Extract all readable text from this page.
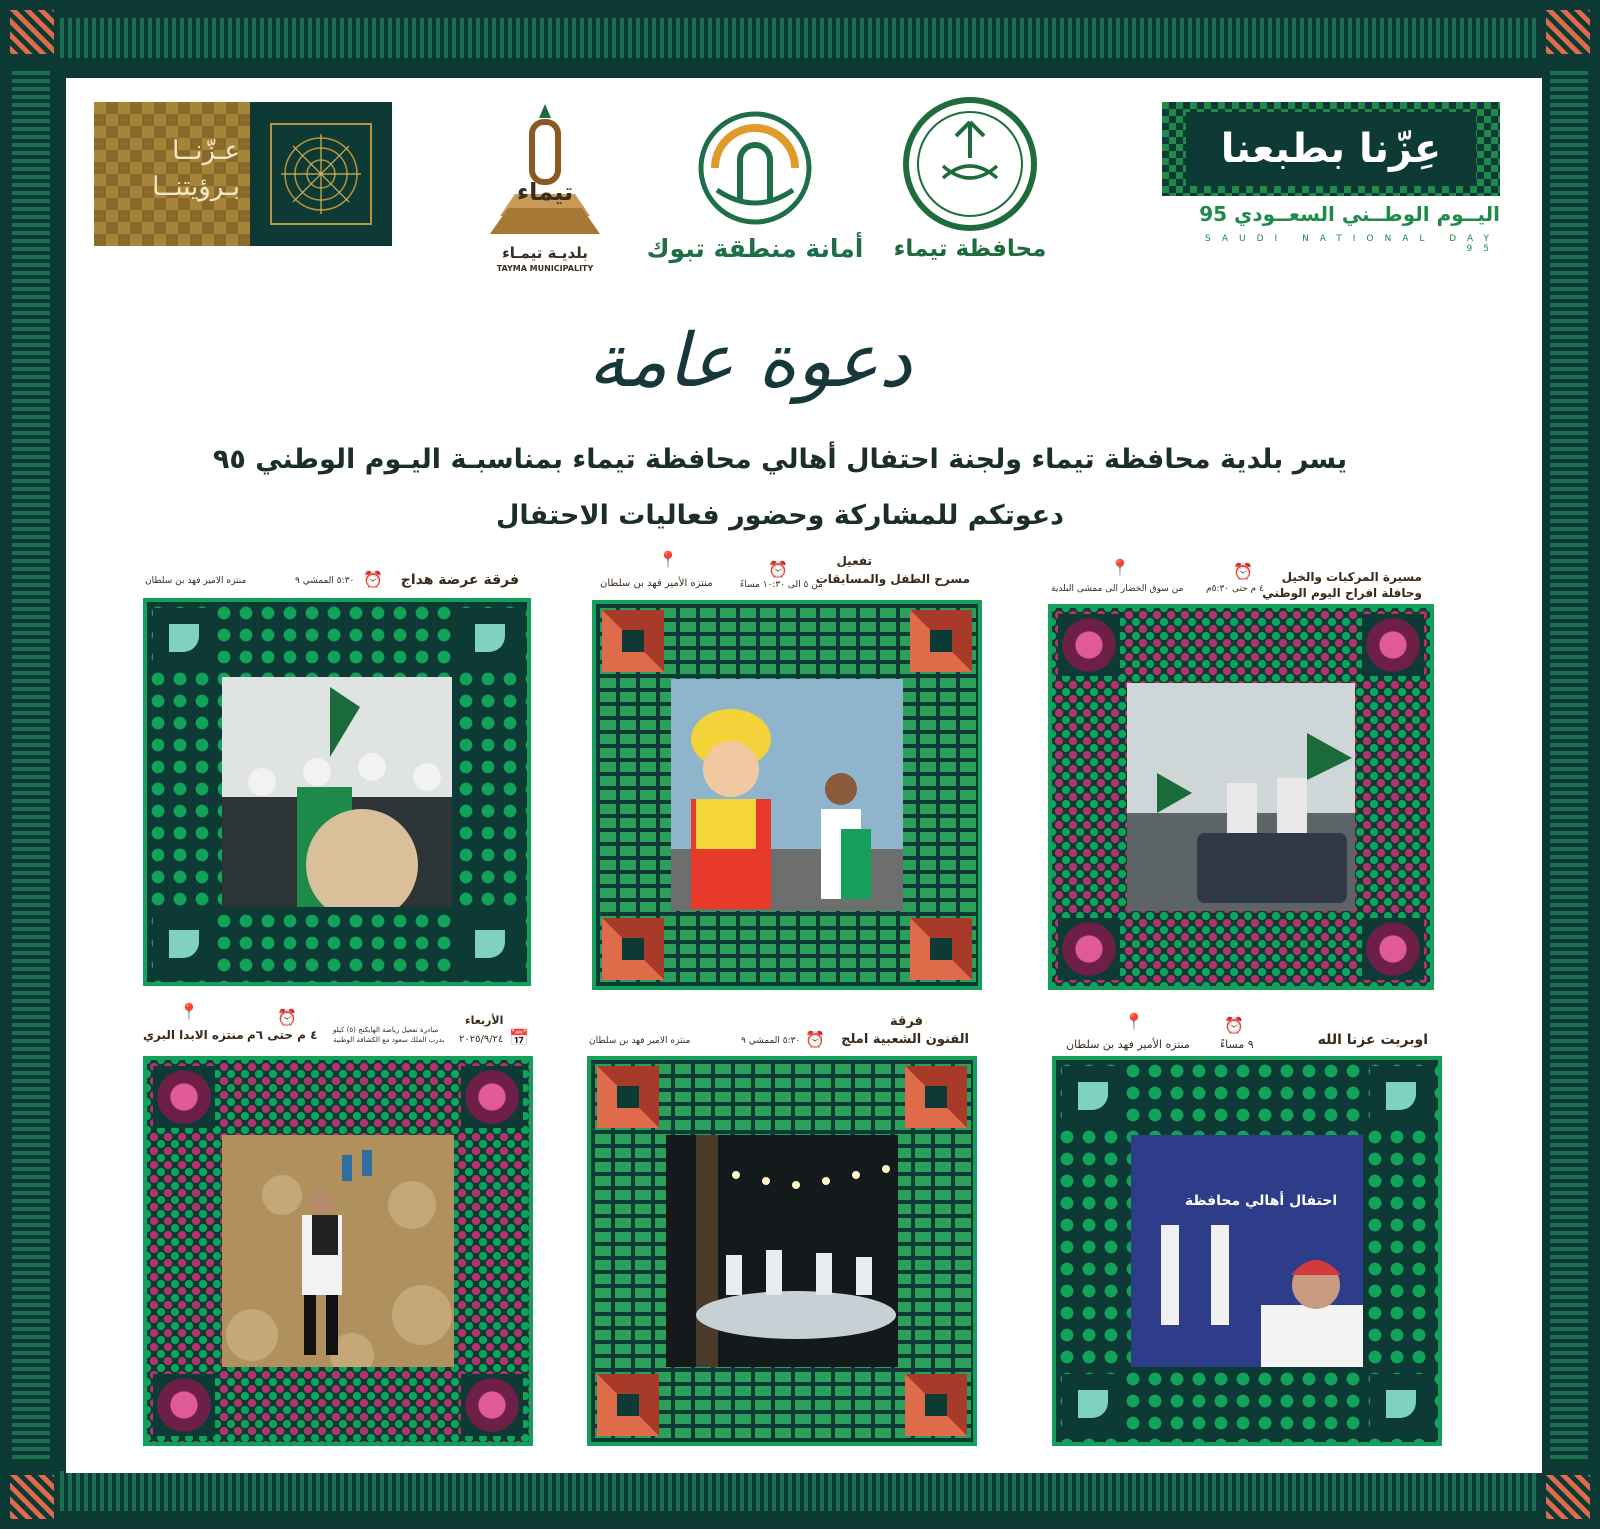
عـزّنــا
بـرؤيتنــا	تيماء
بلديـة تيمـاء
TAYMA MUNICIPALITY
أمانة منطقة تبوك	محافظة تيماء
عِزّنا بطبعنا
اليــوم الوطــني السعــودي 95
SAUDI NATIONAL DAY 95
دعوة عامة
يسر بلدية محافظة تيماء ولجنة احتفال أهالي محافظة تيماء بمناسبـة اليـوم الوطني ٩٥
دعوتكم للمشاركة وحضور فعاليات الاحتفال
مسيرة المركبات والخيل
وحافلة افراح اليوم الوطني
⏰
٤ م حتى ٥:٣٠م
📍
من سوق الخضار الى ممشى البلدية
تفعيل
مسرح الطفل والمسابقات
⏰
من ٥ الى ١٠:٣٠ مساءً
📍
منتزه الأمير فهد بن سلطان
فرقة عرضة هداج
⏰
٥:٣٠ الممشي ٩
منتزه الامير فهد بن سلطان
اوبريت عزنا الله
⏰
٩ مساءً
📍
منتزه الأمير فهد بن سلطان
احتفال أهالي محافظة
فرقة
الفنون الشعبية املج
⏰
٥:٣٠ الممشي ٩
منتزه الامير فهد بن سلطان
📅
الأربعاء
٢٠٢٥/٩/٢٤
مبادرة تفعيل رياضة الهايكنج (٥) كيلو
بدرب الملك سعود مع الكشافة الوطنية
⏰
٤ م حتى ٦م
📍
منتزه الابدا البري
